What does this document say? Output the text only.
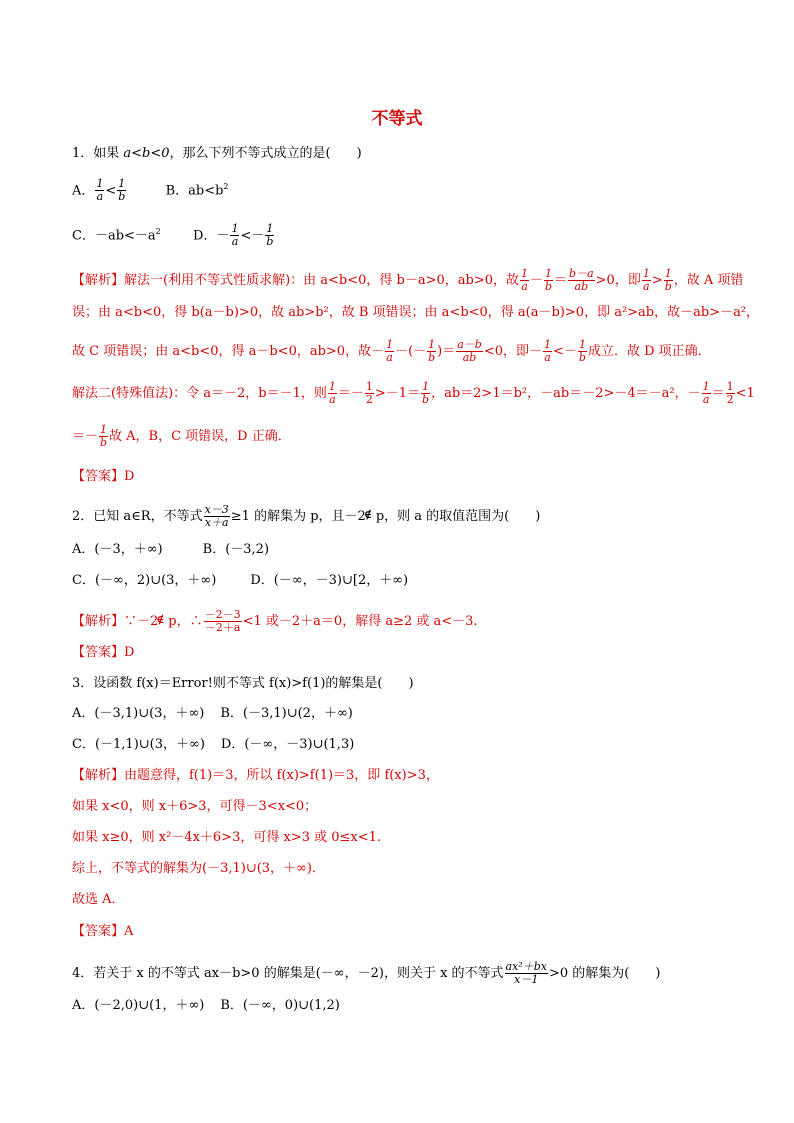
不等式
1．如果 a<b<0，那么下列不等式成立的是(　　)
A． $\frac{1}{a} < \frac{1}{b}$	B．$ab<b^2$
C．$-ab<-a^2$ D．－ $\frac{1}{a} <- \frac{1}{b}$
【解析】解法一(利用不等式性质求解)：由 a<b<0，得 b－a>0，ab>0，故 $\frac{1}{a} - \frac{1}{b} = \frac{b-a}{ab} >0$，即 $\frac{1}{a} > \frac{1}{b}$ ，故 A 项错
误；由 a<b<0，得 b(a－b)>0，故 ab>b²，故 B 项错误；由 a<b<0，得 a(a－b)>0，即 a²>ab，故－ab>－a²，
故 C 项错误；由 a<b<0，得 a－b<0，ab>0，故－ $\frac{1}{a}$ －(－ $\frac{1}{b}$ )＝ $\frac{a-b}{ab} <0$，即－ $\frac{1}{a} <- \frac{1}{b}$ 成立．故 D 项正确．
解法二(特殊值法)：令 a＝－2，b＝－1，则 $\frac{1}{a} =- \frac{1}{2} >-1= \frac{1}{b}$ ，ab＝2>1＝b²，－ab＝－2>－4＝－a²，－ $\frac{1}{a} = \frac{1}{2} <1$
＝－ $\frac{1}{b}$ 故 A，B，C 项错误，D 正确．
【答案】D
2．已知 a∈R，不等式 $\frac{x-3}{x+a} \ge 1$ 的解集为 p，且－2 p，则 a 的取值范围为(　　)
A．(－3，＋∞)	B．(－3,2)
C．(－∞，2)∪(3，＋∞)	D．(－∞，－3)∪[2，＋∞)
【解析】∵－2 p，∴ $\frac{-2-3}{-2+a} <1$ 或－2＋a＝0，解得 a≥2 或 a<－3.
【答案】D
3．设函数 f(x)＝Error!则不等式 f(x)>f(1)的解集是(　　)
A．(－3,1)∪(3，＋∞) B．(－3,1)∪(2，＋∞)
C．(－1,1)∪(3，＋∞) D．(－∞，－3)∪(1,3)
【解析】由题意得，f(1)＝3，所以 f(x)>f(1)＝3，即 f(x)>3，
如果 x<0，则 x＋6>3，可得－3<x<0；
如果 x≥0，则 x²－4x＋6>3，可得 x>3 或 0≤x<1.
综上，不等式的解集为(－3,1)∪(3，＋∞)．
故选 A．
【答案】A
4．若关于 x 的不等式 ax－b>0 的解集是(－∞，－2)，则关于 x 的不等式 $\frac{\text{ax²＋bx}}{x-1} >0$ 的解集为(　　)
A．(－2,0)∪(1，＋∞) B．(－∞，0)∪(1,2)
